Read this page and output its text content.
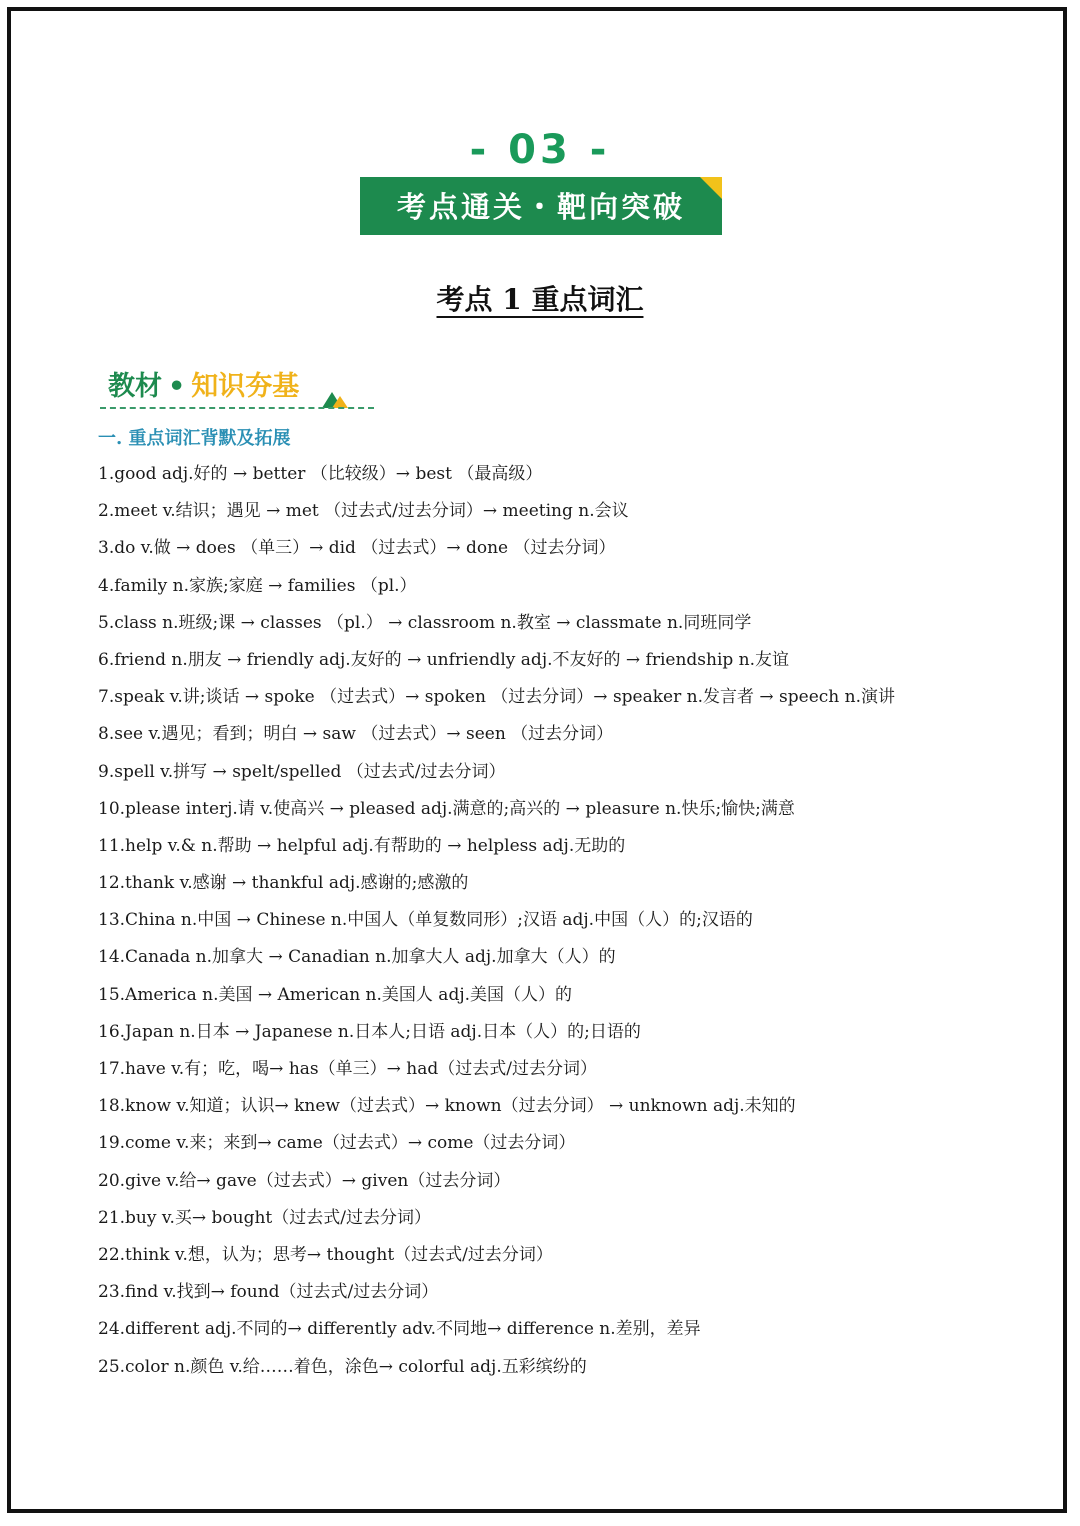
- 03 -
考点通关・靶向突破
考点 1 重点词汇
教材 • 知识夯基
一. 重点词汇背默及拓展
1.good adj.好的 → better （比较级）→ best （最高级）
2.meet v.结识；遇见 → met （过去式/过去分词）→ meeting n.会议
3.do v.做 → does （单三）→ did （过去式）→ done （过去分词）
4.family n.家族;家庭 → families （pl.）
5.class n.班级;课 → classes （pl.） → classroom n.教室 → classmate n.同班同学
6.friend n.朋友 → friendly adj.友好的 → unfriendly adj.不友好的 → friendship n.友谊
7.speak v.讲;谈话 → spoke （过去式）→ spoken （过去分词）→ speaker n.发言者 → speech n.演讲
8.see v.遇见；看到；明白 → saw （过去式）→ seen （过去分词）
9.spell v.拼写 → spelt/spelled （过去式/过去分词）
10.please interj.请 v.使高兴 → pleased adj.满意的;高兴的 → pleasure n.快乐;愉快;满意
11.help v.& n.帮助 → helpful adj.有帮助的 → helpless adj.无助的
12.thank v.感谢 → thankful adj.感谢的;感激的
13.China n.中国 → Chinese n.中国人（单复数同形）;汉语 adj.中国（人）的;汉语的
14.Canada n.加拿大 → Canadian n.加拿大人 adj.加拿大（人）的
15.America n.美国 → American n.美国人 adj.美国（人）的
16.Japan n.日本 → Japanese n.日本人;日语 adj.日本（人）的;日语的
17.have v.有；吃，喝→ has（单三）→ had（过去式/过去分词）
18.know v.知道；认识→ knew（过去式）→ known（过去分词） → unknown adj.未知的
19.come v.来；来到→ came（过去式）→ come（过去分词）
20.give v.给→ gave（过去式）→ given（过去分词）
21.buy v.买→ bought（过去式/过去分词）
22.think v.想，认为；思考→ thought（过去式/过去分词）
23.find v.找到→ found（过去式/过去分词）
24.different adj.不同的→ differently adv.不同地→ difference n.差别，差异
25.color n.颜色 v.给……着色，涂色→ colorful adj.五彩缤纷的
